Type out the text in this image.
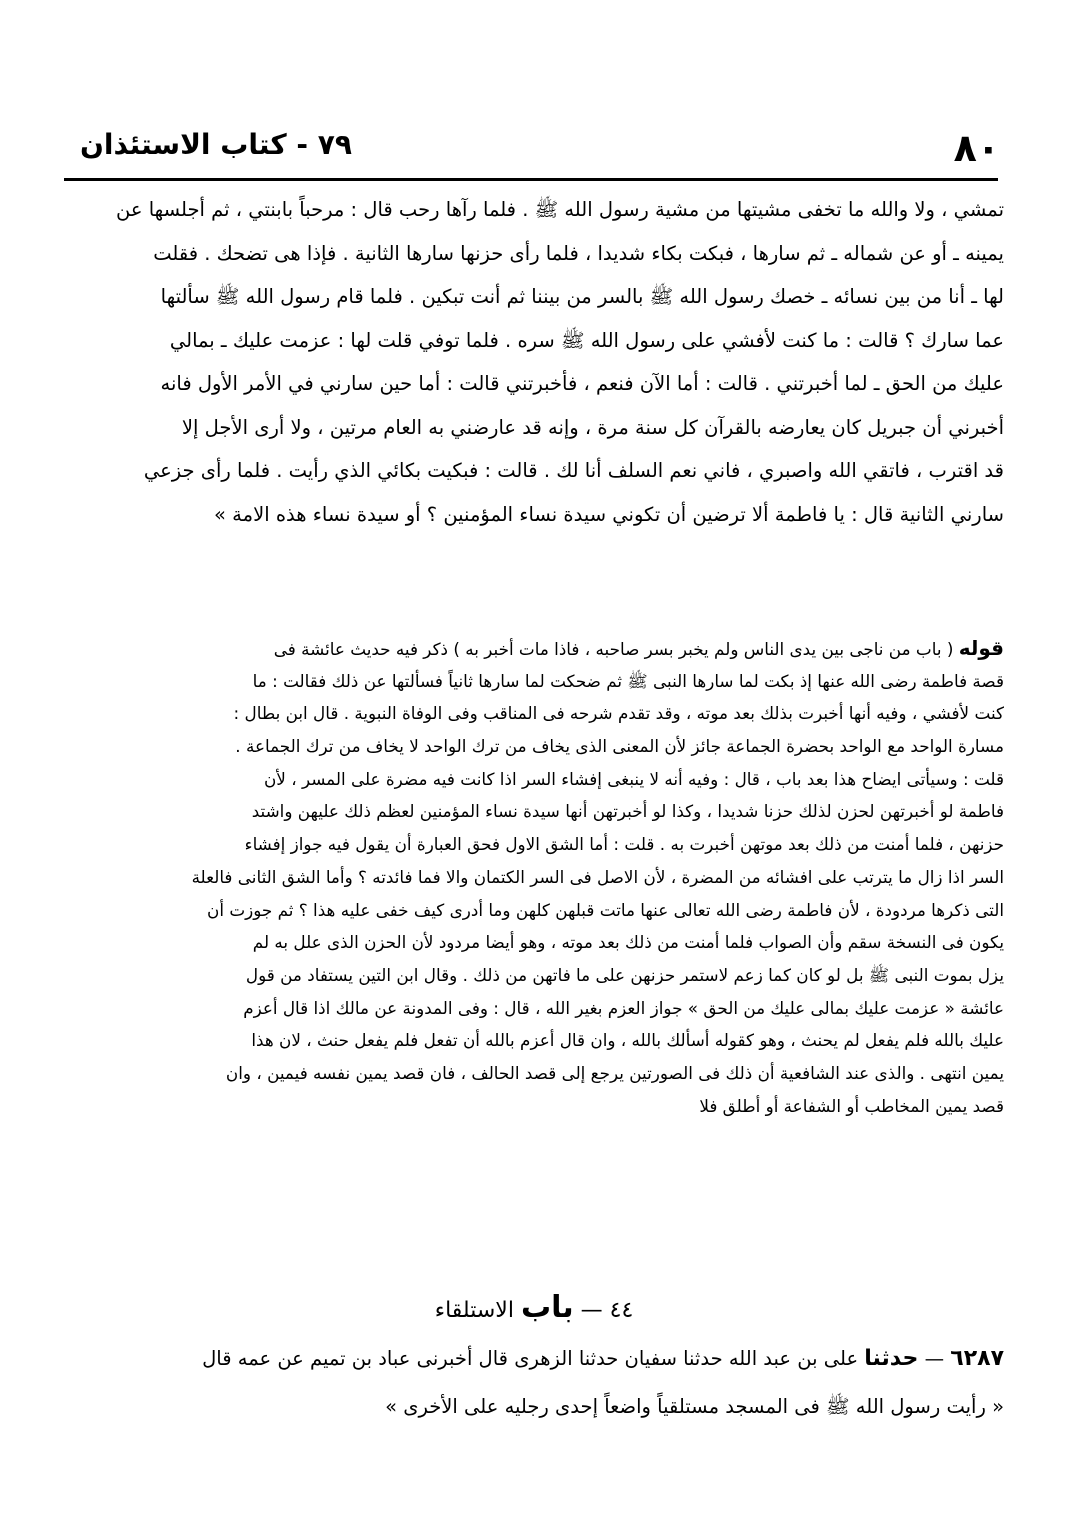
٨٠
٧٩ - كتاب الاستئذان
تمشي ، ولا والله ما تخفى مشيتها من مشية رسول الله ﷺ . فلما رآها رحب قال : مرحباً بابنتي ، ثم أجلسها عن
يمينه ـ أو عن شماله ـ ثم سارها ، فبكت بكاء شديدا ، فلما رأى حزنها سارها الثانية . فإذا هى تضحك . فقلت
لها ـ أنا من بين نسائه ـ خصك رسول الله ﷺ بالسر من بيننا ثم أنت تبكين . فلما قام رسول الله ﷺ سألتها
عما سارك ؟ قالت : ما كنت لأفشي على رسول الله ﷺ سره . فلما توفي قلت لها : عزمت عليك ـ بمالي
عليك من الحق ـ لما أخبرتني . قالت : أما الآن فنعم ، فأخبرتني قالت : أما حين سارني في الأمر الأول فانه
أخبرني أن جبريل كان يعارضه بالقرآن كل سنة مرة ، وإنه قد عارضني به العام مرتين ، ولا أرى الأجل إلا
قد اقترب ، فاتقي الله واصبري ، فاني نعم السلف أنا لك . قالت : فبكيت بكائي الذي رأيت . فلما رأى جزعي
سارني الثانية قال : يا فاطمة ألا ترضين أن تكوني سيدة نساء المؤمنين ؟ أو سيدة نساء هذه الامة »
قوله ( باب من ناجى بين يدى الناس ولم يخبر بسر صاحبه ، فاذا مات أخبر به ) ذكر فيه حديث عائشة فى
قصة فاطمة رضى الله عنها إذ بكت لما سارها النبى ﷺ ثم ضحكت لما سارها ثانياً فسألتها عن ذلك فقالت : ما
كنت لأفشي ، وفيه أنها أخبرت بذلك بعد موته ، وقد تقدم شرحه فى المناقب وفى الوفاة النبوية . قال ابن بطال :
مسارة الواحد مع الواحد بحضرة الجماعة جائز لأن المعنى الذى يخاف من ترك الواحد لا يخاف من ترك الجماعة .
قلت : وسيأتى ايضاح هذا بعد باب ، قال : وفيه أنه لا ينبغى إفشاء السر اذا كانت فيه مضرة على المسر ، لأن
فاطمة لو أخبرتهن لحزن لذلك حزنا شديدا ، وكذا لو أخبرتهن أنها سيدة نساء المؤمنين لعظم ذلك عليهن واشتد
حزنهن ، فلما أمنت من ذلك بعد موتهن أخبرت به . قلت : أما الشق الاول فحق العبارة أن يقول فيه جواز إفشاء
السر اذا زال ما يترتب على افشائه من المضرة ، لأن الاصل فى السر الكتمان والا فما فائدته ؟ وأما الشق الثانى فالعلة
التى ذكرها مردودة ، لأن فاطمة رضى الله تعالى عنها ماتت قبلهن كلهن وما أدرى كيف خفى عليه هذا ؟ ثم جوزت أن
يكون فى النسخة سقم وأن الصواب فلما أمنت من ذلك بعد موته ، وهو أيضا مردود لأن الحزن الذى علل به لم
يزل بموت النبى ﷺ بل لو كان كما زعم لاستمر حزنهن على ما فاتهن من ذلك . وقال ابن التين يستفاد من قول
عائشة « عزمت عليك بمالى عليك من الحق » جواز العزم بغير الله ، قال : وفى المدونة عن مالك اذا قال أعزم
عليك بالله فلم يفعل لم يحنث ، وهو كقوله أسألك بالله ، وان قال أعزم بالله أن تفعل فلم يفعل حنث ، لان هذا
يمين انتهى . والذى عند الشافعية أن ذلك فى الصورتين يرجع إلى قصد الحالف ، فان قصد يمين نفسه فيمين ، وان
قصد يمين المخاطب أو الشفاعة أو أطلق فلا
٤٤ — باب الاستلقاء
٦٢٨٧ — حدثنا على بن عبد الله حدثنا سفيان حدثنا الزهرى قال أخبرنى عباد بن تميم عن عمه قال
« رأيت رسول الله ﷺ فى المسجد مستلقياً واضعاً إحدى رجليه على الأخرى »
